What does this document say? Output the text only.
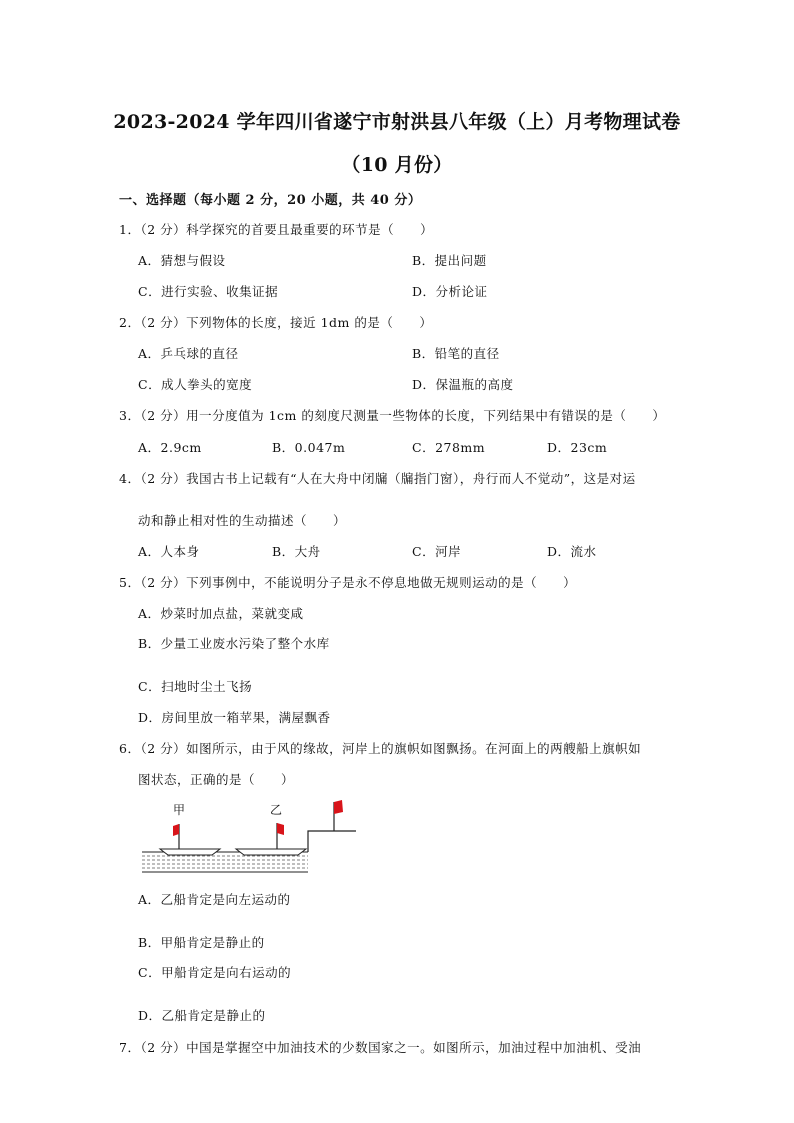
2023-2024 学年四川省遂宁市射洪县八年级（上）月考物理试卷
（10 月份）
一、选择题（每小题 2 分，20 小题，共 40 分）
1．（2 分）科学探究的首要且最重要的环节是（　　）
A．猜想与假设	B．提出问题
C．进行实验、收集证据	D．分析论证
2．（2 分）下列物体的长度，接近 1dm 的是（　　）
A．乒乓球的直径	B．铅笔的直径
C．成人拳头的宽度	D．保温瓶的高度
3．（2 分）用一分度值为 1cm 的刻度尺测量一些物体的长度，下列结果中有错误的是（　　）
A．2.9cm	B．0.047m	C．278mm	D．23cm
4．（2 分）我国古书上记载有“人在大舟中闭牖（牖指门窗），舟行而人不觉动”，这是对运
动和静止相对性的生动描述（　　）
A．人本身	B．大舟	C．河岸	D．流水
5．（2 分）下列事例中，不能说明分子是永不停息地做无规则运动的是（　　）
A．炒菜时加点盐，菜就变咸
B．少量工业废水污染了整个水库
C．扫地时尘土飞扬
D．房间里放一箱苹果，满屋飘香
6．（2 分）如图所示，由于风的缘故，河岸上的旗帜如图飘扬。在河面上的两艘船上旗帜如
图状态，正确的是（　　）
甲	乙
A．乙船肯定是向左运动的
B．甲船肯定是静止的
C．甲船肯定是向右运动的
D．乙船肯定是静止的
7．（2 分）中国是掌握空中加油技术的少数国家之一。如图所示，加油过程中加油机、受油
